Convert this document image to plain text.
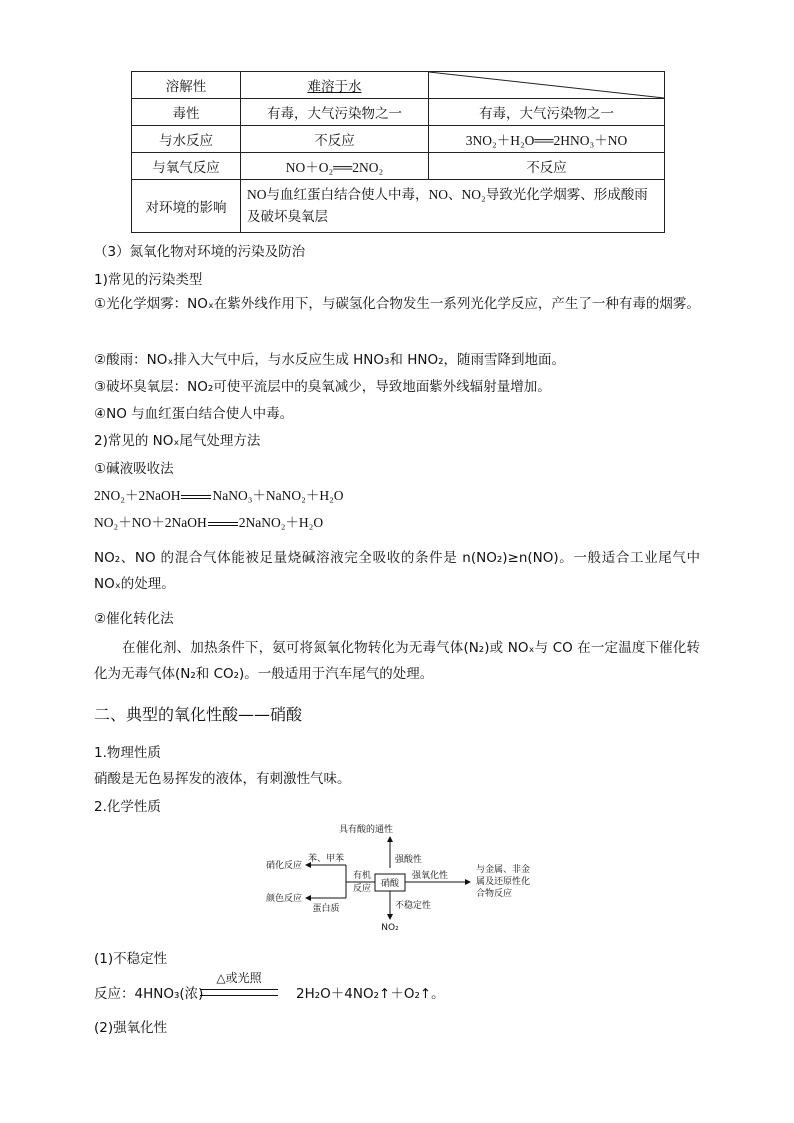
溶解性	难溶于水	

毒性	有毒，大气污染物之一	有毒，大气污染物之一
与水反应	不反应	3NO₂＋H₂O══2HNO₃＋NO
与氧气反应	NO＋O₂══2NO₂	不反应
对环境的影响	NO与血红蛋白结合使人中毒，NO、NO₂导致光化学烟雾、形成酸雨及破坏臭氧层	
（3）氮氧化物对环境的污染及防治
1)常见的污染类型
①光化学烟雾：NOₓ在紫外线作用下，与碳氢化合物发生一系列光化学反应，产生了一种有毒的烟雾。
②酸雨：NOₓ排入大气中后，与水反应生成 HNO₃和 HNO₂，随雨雪降到地面。
③破坏臭氧层：NO₂可使平流层中的臭氧减少，导致地面紫外线辐射量增加。
④NO 与血红蛋白结合使人中毒。
2)常见的 NOₓ尾气处理方法
①碱液吸收法
2NO₂＋2NaOH NaNO₃＋NaNO₂＋H₂O
NO₂＋NO＋2NaOH 2NaNO₂＋H₂O
NO₂、NO 的混合气体能被足量烧碱溶液完全吸收的条件是 n(NO₂)≥n(NO)。一般适合工业尾气中 NOₓ的处理。
②催化转化法
在催化剂、加热条件下，氨可将氮氧化物转化为无毒气体(N₂)或 NOₓ与 CO 在一定温度下催化转化为无毒气体(N₂和 CO₂)。一般适用于汽车尾气的处理。
二、典型的氧化性酸——硝酸
1.物理性质
硝酸是无色易挥发的液体，有刺激性气味。
2.化学性质
具有酸的通性
强酸性
硝酸
强氧化性
与金属、非金
属及还原性化
合物反应
有机
反应
苯、甲苯
蛋白质
硝化反应
颜色反应
不稳定性
NO₂
(1)不稳定性
△或光照
反应：4HNO₃(浓)	2H₂O＋4NO₂↑＋O₂↑。
(2)强氧化性
